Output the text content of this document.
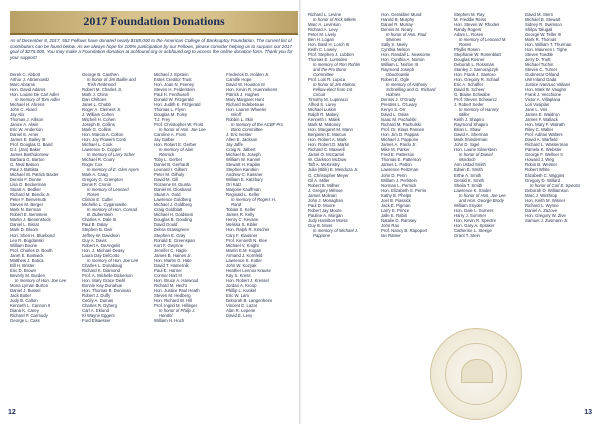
2017 Foundation Donations
As of December 8, 2017, 552 Fellows have donated nearly $188,000 to the American College of Bankruptcy Foundation. The current list of contributors can be found below. As we always hope for 100% participation by our Fellows, please consider helping us to surpass our 2017 goal of $275,000. You may make a Foundation donation at acbfound.org or acbfound.org to access the online donation form. Thank you for your support!
Derek C. Abbott
Arthur J. Abramowitz
Marc Abrams
Hon. David Adams
Hon. Louise De Carl Adler
In memory of Tom Adler
Michael H. Ahrens
John C. Akard
Jay Alix
Thomas J. Allison
Janice A. Alwin
Eric W. Anderson
Daniel E. Arner
James E. Bailey III
Prof. Douglas G. Baird
D.J. (Jan) Baker
James Bartholomew
Barbara G. Barton
G. Neal Batson
Paul J. Battista
Michael St. Patrick Baxter
Dennis F. Dunne
Lisa G. Beckerman
Stuart A. Bedker
Richard M. Bendix Jr.
Peter F. Benvenutti
Steven M. Berger
Mark N. Berman
Robert E. Bernstein
Martin J. Bienenstock
Daniel L. Bisrat
Mark D. Bloom
Hon. Sheri H. Bluebond
Leo R. Bogdanski
William Boone
Prof. Charles D. Booth
Janet E. Bostwick
Matthew J. Botica
Bill H. Brister
Eric D. Brown
Beverly M. Burden
In memory of Hon. Joe Lee
Mona Lyman Burton
Daniel J. Bussel
Jack Butler
Judy B. Calton
Kenneth L. Cannon II
Diana K. Carey
Richard P. Carmody
George L. Cass
George B. Cauthen
In honor of Jim Baillie and
Trish Redmond
Robert M. Charles Jr.
Mark J. Chinn
Dan Chiltoes
Janet L. Chubb
Roger A. Clement Jr.
J. William Cohen
Mitchell H. Cohen
Joseph B. Collins
Mark G. Collins
Hon. Marcia A. Colton
Hon. Joy Flowers Conti
Michael L. Cook
Lawrence D. Coppel
In memory of Larry Scher
Michael R. Coury
Roger Cox
In memory of E. Glen Ayers
Mark A. Craig
Gregory G. Crampton
Denis F. Cronin
In memory of Leonard
Rosen
Clinton E. Cutler
Michelle L. Cyganowski
In memory of Hon. Conrad
B. Duberstein
Charles A. Dale III
Paul B. Dalay
Stephen B. Darr
Jeffrey W. Davidson
Guy A. Davis
Robert A. DeAngelis
Hon. J. Michael Deasy
Laura Day DelCotto
In memory of Hon. Joe Lee
Charles L. Donabaug
Richard K. Diamond
Prof. A. Michelle Dickerson
Hon. Mary Grace Diehl
Bonnie Kay Donahue
Hon. Thomas B. Donovan
Robert J. Duffy
Cecily A. Dumas
Charles R. Dyberg
Carl A. Eklund
Kl Wayne Eggers
Ford Elsaesser
Michael J. Epstein
Estes Creditor Trust
Hon. Joan N. Feeney
Steven H. Felderstein
Paul H. Fenthusell
Donald W. Fitzgerald
Hon. Judith K. Fitzgerald
Thomas L. Flynn
Douglas M. Foley
T.J. Frey
Prof. Christopher W. Frost
In honor of Hon. Joe Lee
Caroline A. Frost
Jay Galber
Hon. Robert E. Gerber
In memory of Alan
Resnick
Toby L. Gerber
Daniel B. Gerhardt
Leonard I. Gilbert
Peter M. Gilhuly
David M. Gill
Rozanne M. Giunta
Daniel M. Glosband
Stuart A. Gold
Lawrence Goldberg
Michael J. Goldberg
Craig Goldblatt
Michael H. Goldstein
Douglas B. Gooding
David Gould
Debra Grassgreen
Stephen E. Gray
Ronald E. Greenspan
Kurt F. Gwynne
Jennifer C. Hagle
James B. Haines Jr.
Hon. Martin G. Hale
David T. Hamernik
Paul E. Harner
Conner Hart III
Hon. Bruce A. Harwood
Richard M. Hecht
Hon. Justice Paul Heath
Steven M. Hedberg
Hon. Richard W. Hill
Prof. Ingrid M. Hillinger
In honor of Philip J.
Hendel
William H. Hoch
Frederick D. Holden Jr.
Camille Hope
David W. Houston III
Hon. Kevin R. Huennekens
Patrick J. Hughes
Mary Margaret Hunt
Richard Indebetouw
Hon. Lauren Wheeler
Iskoff
Robbin L. Itkin
In memory of the ACBF Pro
Bono Committee
J. Eric Ivester
Allen E. Jackson
Jay Jaffe
Craig N. Jalbert
Michael B. Joseph
William W. Kannel
Stewart H. Kaplan
Stephen Karotkin
Andrew C. Kassner
William E. Katzbury
Ori Katz
Marjorie Kauffman
Reginald L. Keller
In memory of Rogers H.
Rand
Tobias S. Keller
James R. Kelly
Henry C. Kevane
Melissa S. Kibler
Hon. Ralph R. Kirscher
Cary F. Klausner
Prof. Kenneth N. Klee
Michael V. Knight
Martin E.M. Kogan
Armand J. Kornfeld
Lawrence S. Kotler
John W. Kozyak
Heather Lennox Krause
Kay S. Kress
Hon. Robert J. Kressel
Jordan A. Kroop
Phillip L. Kunkel
Eric W. Lam
Deborah B. Langenheim
Vincent E. Lazar
Alan R. Lepene
David E. Levy
Richard L. Levine
In honor of Rick Mikels
Marc A. Levinson
Richard A. Levy
Peter M. Lively
Ben H. Logan
Hon. Basil H. Lorch III
Keith C. Lowey
Prof. Stephen J. Lubben
Thomas E. Lumsden
In memory of Ron Rohlin
and the Pro Bono
Committee
Prof. Lois R. Lupica
In honor of Jim Molnar,
Fellow-elect from 1st
Circuit
Timothy M. Lupinacci
Alfred S. Lurey
Michael Luskin
Ralph R. Mabey
Kenneth I. Malek
Mark M. Maloney
Hon. Margaret M. Mann
Benjamin E. Marcus
Hon. Robert A. Mark
Hon. Robert D. Martin
Richard C. Maxwell
Jamel O. McCamel
W. Clarkson McDow
Taft A. McKinstry
Julia (Bitik) E. Mendoza Jr.
G. Christopher Meyer
Gil A. Miller
Robert B. Millner
J. Gregory Milmoe
James Molinari
John J. Monaghan
Paul D. Moore
Robert Jay Moore
Pauline A. Morgan
Judy Hamilton Morse
Guy B. Moss
In memory of Michael J.
Pappone
Hon. Geraldine Mund
Harold B. Murphy
Daniel R. Murray
Dennis M. Neary
In honor of Hon. Paul
Mannes
Sally S. Neely
Cynthia Nelson
Hon. Randall L. Newsome
Hon. Cynthia A. Norton
William L. Norton III
Raymond Joseph
Obuchowski
Robert E. Ogle
In memory of Anthony
Schnelling and G. Richard
Holmes
Dennis J. O'Grady
Prentiss L. O'Leary
Kenyo S. Orr
David L. Osias
Isaac M. Pachulski
Richard M. Pachulski
Prof. Dr. Klaus Pannen
Hon. Jim D. Pappas
Michael J. Pappone
James A. Pardo Jr.
Mike M. Parker
Fred E. Patterson
Thomas E. Patterson
James L. Patton
Lawrence Peitzman
John D. Penn
William J. Perlstein
Norman L. Pernick
Hon. Elizabeth S. Perris
Kathy B. Phelps
Joel B. Piassick
Jack E. Pigman
Larry E. Prince
Jalle E. Rabin
Natalie D. Ramsey
John Rao
Prof. Nancy B. Rapoport
Ian Ratner
Stephen M. Ray
M. Freddie Reiss
Hon. Steven W. Rhodes
Randy Rogers
Adam L. Rosen
In memory of Leonard M.
Rosen
Phyllis Rosen
Stephanie W. Rosenblatt
Douglas Rosner
Deborah L. Rossman
Stanley J. Samorajczyk
Hon. Frank J. Santoro
Hon. Gregory R. Schaaf
Eric A. Schaffer
David B. Scheer
G. Blaine Schwabe
Prof. Steven Schwarcz
J. Robert Seder
In memory of Harvey
Miller
Keith J. Shapiro
Raymond Shapiro
Brian L. Shaw
David A. Sherman
Mark Shinderman
John D. Sigel
Hon. Laurie Silverstein
In honor of Daniel
Murdoch
Ann Ustad Smith
Edwin E. Smith
Erthe A. Smith
Gerald K. Smith
Sheila T. Smith
Lawrence K. Snider
In honor of Hon. Joe Lee
and Hon. George Brody
William Snyder
Hon. Dale L. Somers
Harry J. Sommer
Hon. Kevin R. Spectre
Hon. Gary A. Spraker
Catherine L. Steege
Grant T. Stein
David M. Stern
Michael B. Stewart
Sidney R. Swimson
Shilpa Talugali
George W. Teller III
Mark R. Thomas
Hon. William T. Thurman
Hon. Maureen I. Tighe
Steven Toedtle
Jerry D. Truitt
Michael Tuchin
Steven C. Turner
Gudmerar Ohland
UW Inland Gada
Justice Ivan/Luc Vallans
Hon. Mark W. Vaughn
Frank J. Vecchione
Victor A. Villaplana
Lori Vosiplas
Jane L. Vris
James E. Waldron
James F. Wallack
Hon. Mary F. Walrath
Riley C. Walter
Prof. Adrian Walters
David A. Warfield
Richard L. Wasserman
Pamela K. Webster
George F. Wellner II
Howard J. Weg
Robin B. Weimer
Robert White
Elizabeth C. Wiggins
Gregory D. Willard
In honor of Carl E. Spector
Deborah D. Williamson
Marc J. Winthrop
Hon. Keith M. Wisner
Richard L. Wynne
Daniel A. Zazove
Hon. Gregory W. Zive
Samuel J. Zusmann Jr.
12	13
